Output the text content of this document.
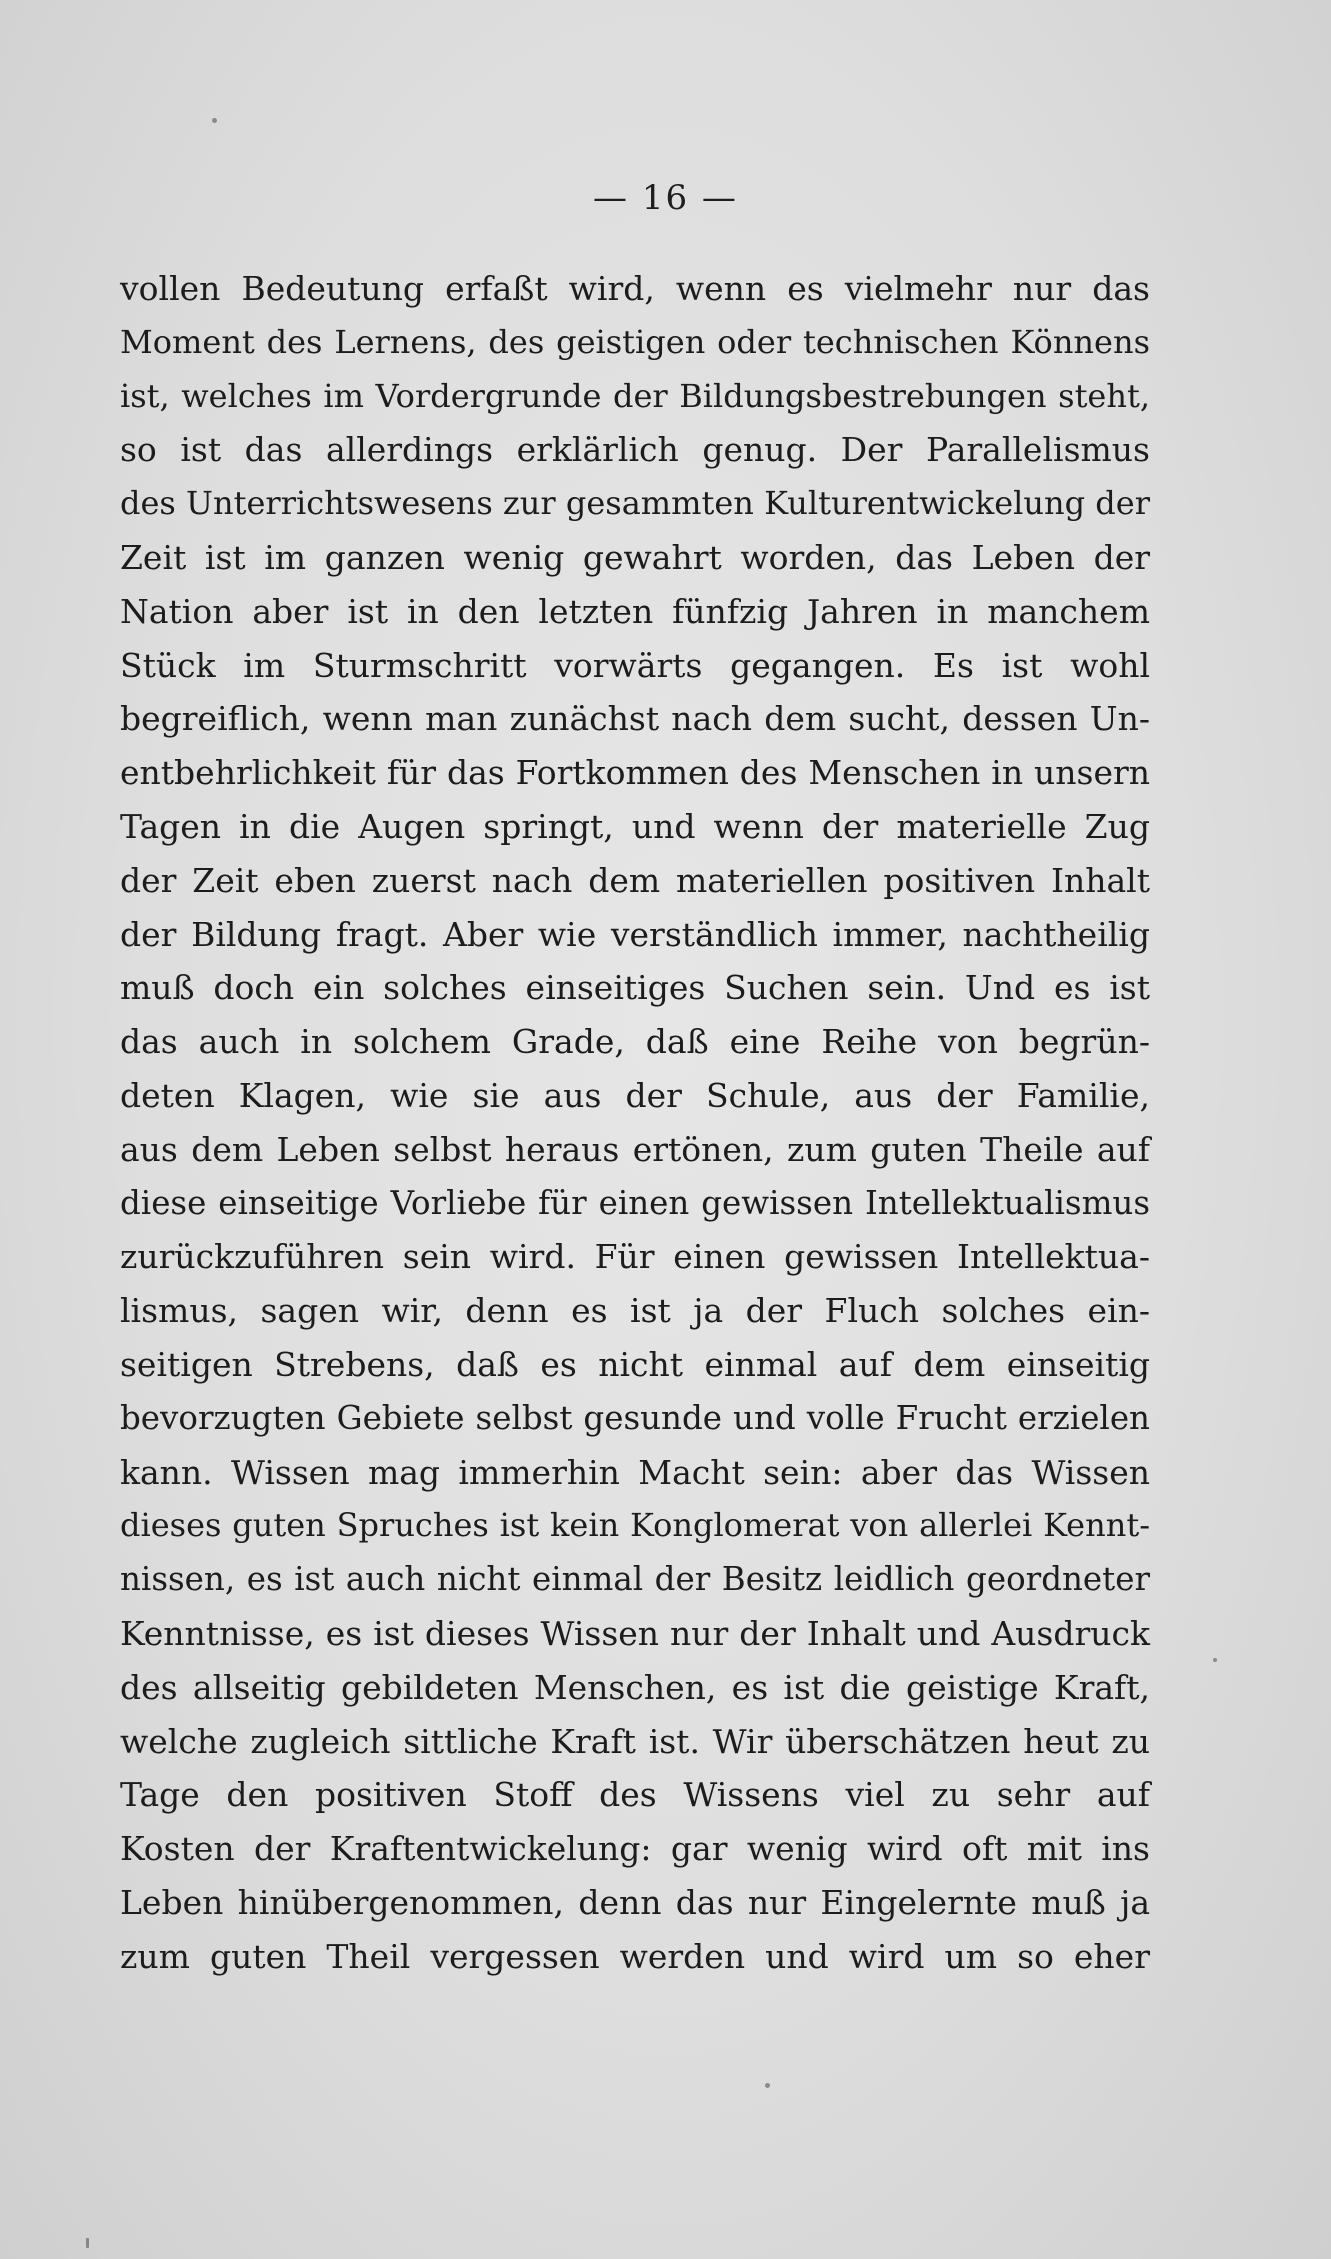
— 16 —
vollen Bedeutung erfaßt wird, wenn es vielmehr nur das
Moment des Lernens, des geistigen oder technischen Könnens
ist, welches im Vordergrunde der Bildungsbestrebungen steht,
so ist das allerdings erklärlich genug. Der Parallelismus
des Unterrichtswesens zur gesammten Kulturentwickelung der
Zeit ist im ganzen wenig gewahrt worden, das Leben der
Nation aber ist in den letzten fünfzig Jahren in manchem
Stück im Sturmschritt vorwärts gegangen. Es ist wohl
begreiflich, wenn man zunächst nach dem sucht, dessen Un-
entbehrlichkeit für das Fortkommen des Menschen in unsern
Tagen in die Augen springt, und wenn der materielle Zug
der Zeit eben zuerst nach dem materiellen positiven Inhalt
der Bildung fragt. Aber wie verständlich immer, nachtheilig
muß doch ein solches einseitiges Suchen sein. Und es ist
das auch in solchem Grade, daß eine Reihe von begrün-
deten Klagen, wie sie aus der Schule, aus der Familie,
aus dem Leben selbst heraus ertönen, zum guten Theile auf
diese einseitige Vorliebe für einen gewissen Intellektualismus
zurückzuführen sein wird. Für einen gewissen Intellektua-
lismus, sagen wir, denn es ist ja der Fluch solches ein-
seitigen Strebens, daß es nicht einmal auf dem einseitig
bevorzugten Gebiete selbst gesunde und volle Frucht erzielen
kann. Wissen mag immerhin Macht sein: aber das Wissen
dieses guten Spruches ist kein Konglomerat von allerlei Kennt-
nissen, es ist auch nicht einmal der Besitz leidlich geordneter
Kenntnisse, es ist dieses Wissen nur der Inhalt und Ausdruck
des allseitig gebildeten Menschen, es ist die geistige Kraft,
welche zugleich sittliche Kraft ist. Wir überschätzen heut zu
Tage den positiven Stoff des Wissens viel zu sehr auf
Kosten der Kraftentwickelung: gar wenig wird oft mit ins
Leben hinübergenommen, denn das nur Eingelernte muß ja
zum guten Theil vergessen werden und wird um so eher
